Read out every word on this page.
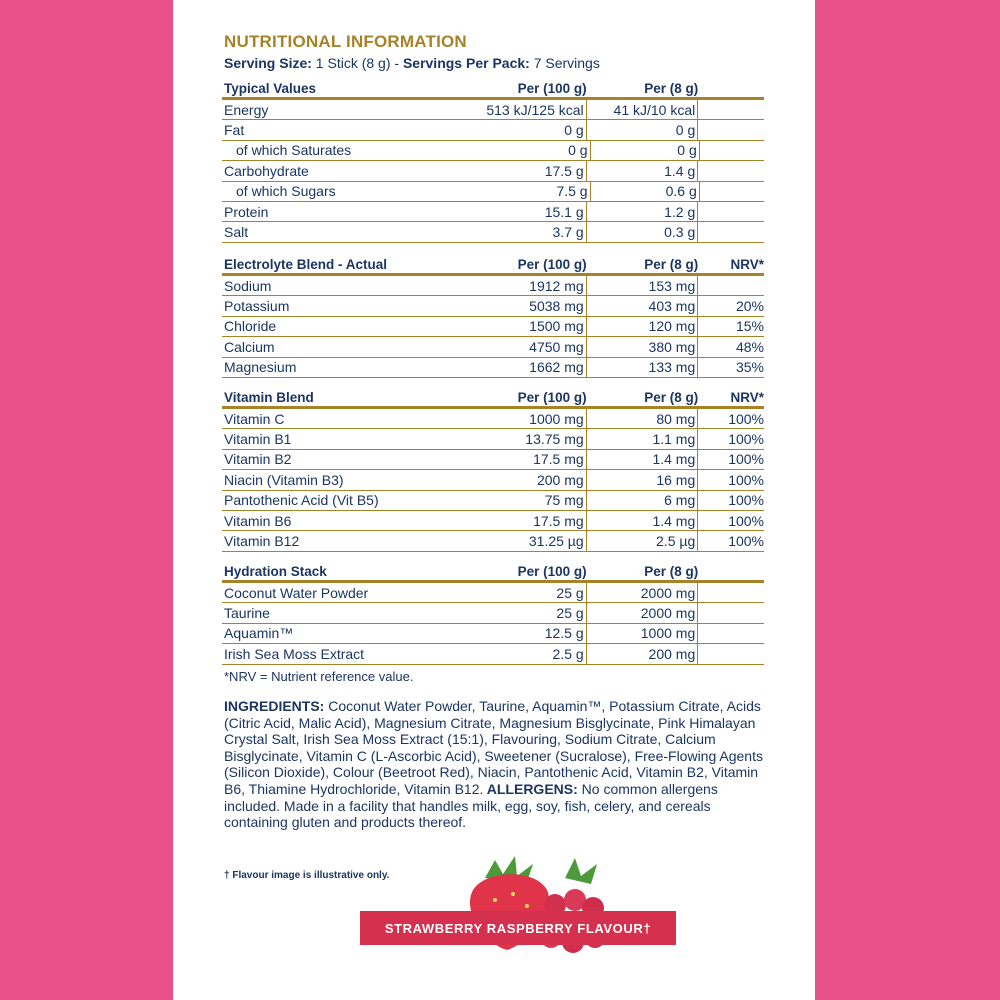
NUTRITIONAL INFORMATION
Serving Size: 1 Stick (8 g) - Servings Per Pack: 7 Servings
Typical Values	Per (100 g)	Per (8 g)
Energy	513 kJ/125 kcal	41 kJ/10 kcal
Fat	0 g	0 g
of which Saturates	0 g	0 g
Carbohydrate	17.5 g	1.4 g
of which Sugars	7.5 g	0.6 g
Protein	15.1 g	1.2 g
Salt	3.7 g	0.3 g
Electrolyte Blend - Actual	Per (100 g)	Per (8 g)	NRV*
Sodium	1912 mg	153 mg
Potassium	5038 mg	403 mg	20%
Chloride	1500 mg	120 mg	15%
Calcium	4750 mg	380 mg	48%
Magnesium	1662 mg	133 mg	35%
Vitamin Blend	Per (100 g)	Per (8 g)	NRV*
Vitamin C	1000 mg	80 mg	100%
Vitamin B1	13.75 mg	1.1 mg	100%
Vitamin B2	17.5 mg	1.4 mg	100%
Niacin (Vitamin B3)	200 mg	16 mg	100%
Pantothenic Acid (Vit B5)	75 mg	6 mg	100%
Vitamin B6	17.5 mg	1.4 mg	100%
Vitamin B12	31.25 µg	2.5 µg	100%
Hydration Stack	Per (100 g)	Per (8 g)
Coconut Water Powder	25 g	2000 mg
Taurine	25 g	2000 mg
Aquamin™	12.5 g	1000 mg
Irish Sea Moss Extract	2.5 g	200 mg
*NRV = Nutrient reference value.
INGREDIENTS: Coconut Water Powder, Taurine, Aquamin™, Potassium Citrate, Acids (Citric Acid, Malic Acid), Magnesium Citrate, Magnesium Bisglycinate, Pink Himalayan Crystal Salt, Irish Sea Moss Extract (15:1), Flavouring, Sodium Citrate, Calcium Bisglycinate, Vitamin C (L-Ascorbic Acid), Sweetener (Sucralose), Free-Flowing Agents (Silicon Dioxide), Colour (Beetroot Red), Niacin, Pantothenic Acid, Vitamin B2, Vitamin B6, Thiamine Hydrochloride, Vitamin B12. ALLERGENS: No common allergens included. Made in a facility that handles milk, egg, soy, fish, celery, and cereals containing gluten and products thereof.
† Flavour image is illustrative only.
STRAWBERRY RASPBERRY FLAVOUR†
